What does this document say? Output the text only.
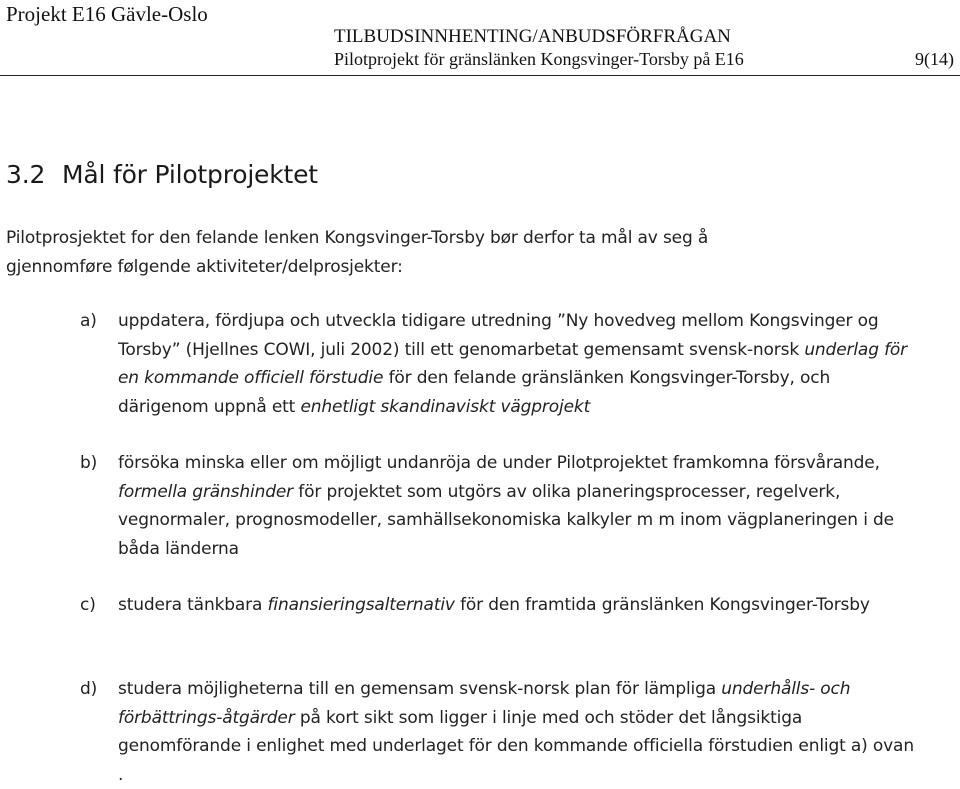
Projekt E16 Gävle-Oslo
TILBUDSINNHENTING/ANBUDSFÖRFRÅGAN
Pilotprojekt för gränslänken Kongsvinger-Torsby på E16	9(14)
3.2 Mål för Pilotprojektet

Pilotprosjektet for den felande lenken Kongsvinger-Torsby bør derfor ta mål av seg å
gjennomføre følgende aktiviteter/delprosjekter:

a) uppdatera, fördjupa och utveckla tidigare utredning ”Ny hovedveg mellom Kongsvinger og Torsby” (Hjellnes COWI, juli 2002) till ett genomarbetat gemensamt svensk-norsk underlag för en kommande officiell förstudie för den felande gränslänken Kongsvinger-Torsby, och därigenom uppnå ett enhetligt skandinaviskt vägprojekt

b) försöka minska eller om möjligt undanröja de under Pilotprojektet framkomna försvårande, formella gränshinder för projektet som utgörs av olika planeringsprocesser, regelverk, vegnormaler, prognosmodeller, samhällsekonomiska kalkyler m m inom vägplaneringen i de båda länderna

c) studera tänkbara finansieringsalternativ för den framtida gränslänken Kongsvinger-Torsby

d) studera möjligheterna till en gemensam svensk-norsk plan för lämpliga underhålls- och förbättrings-åtgärder på kort sikt som ligger i linje med och stöder det långsiktiga genomförande i enlighet med underlaget för den kommande officiella förstudien enligt a) ovan .
